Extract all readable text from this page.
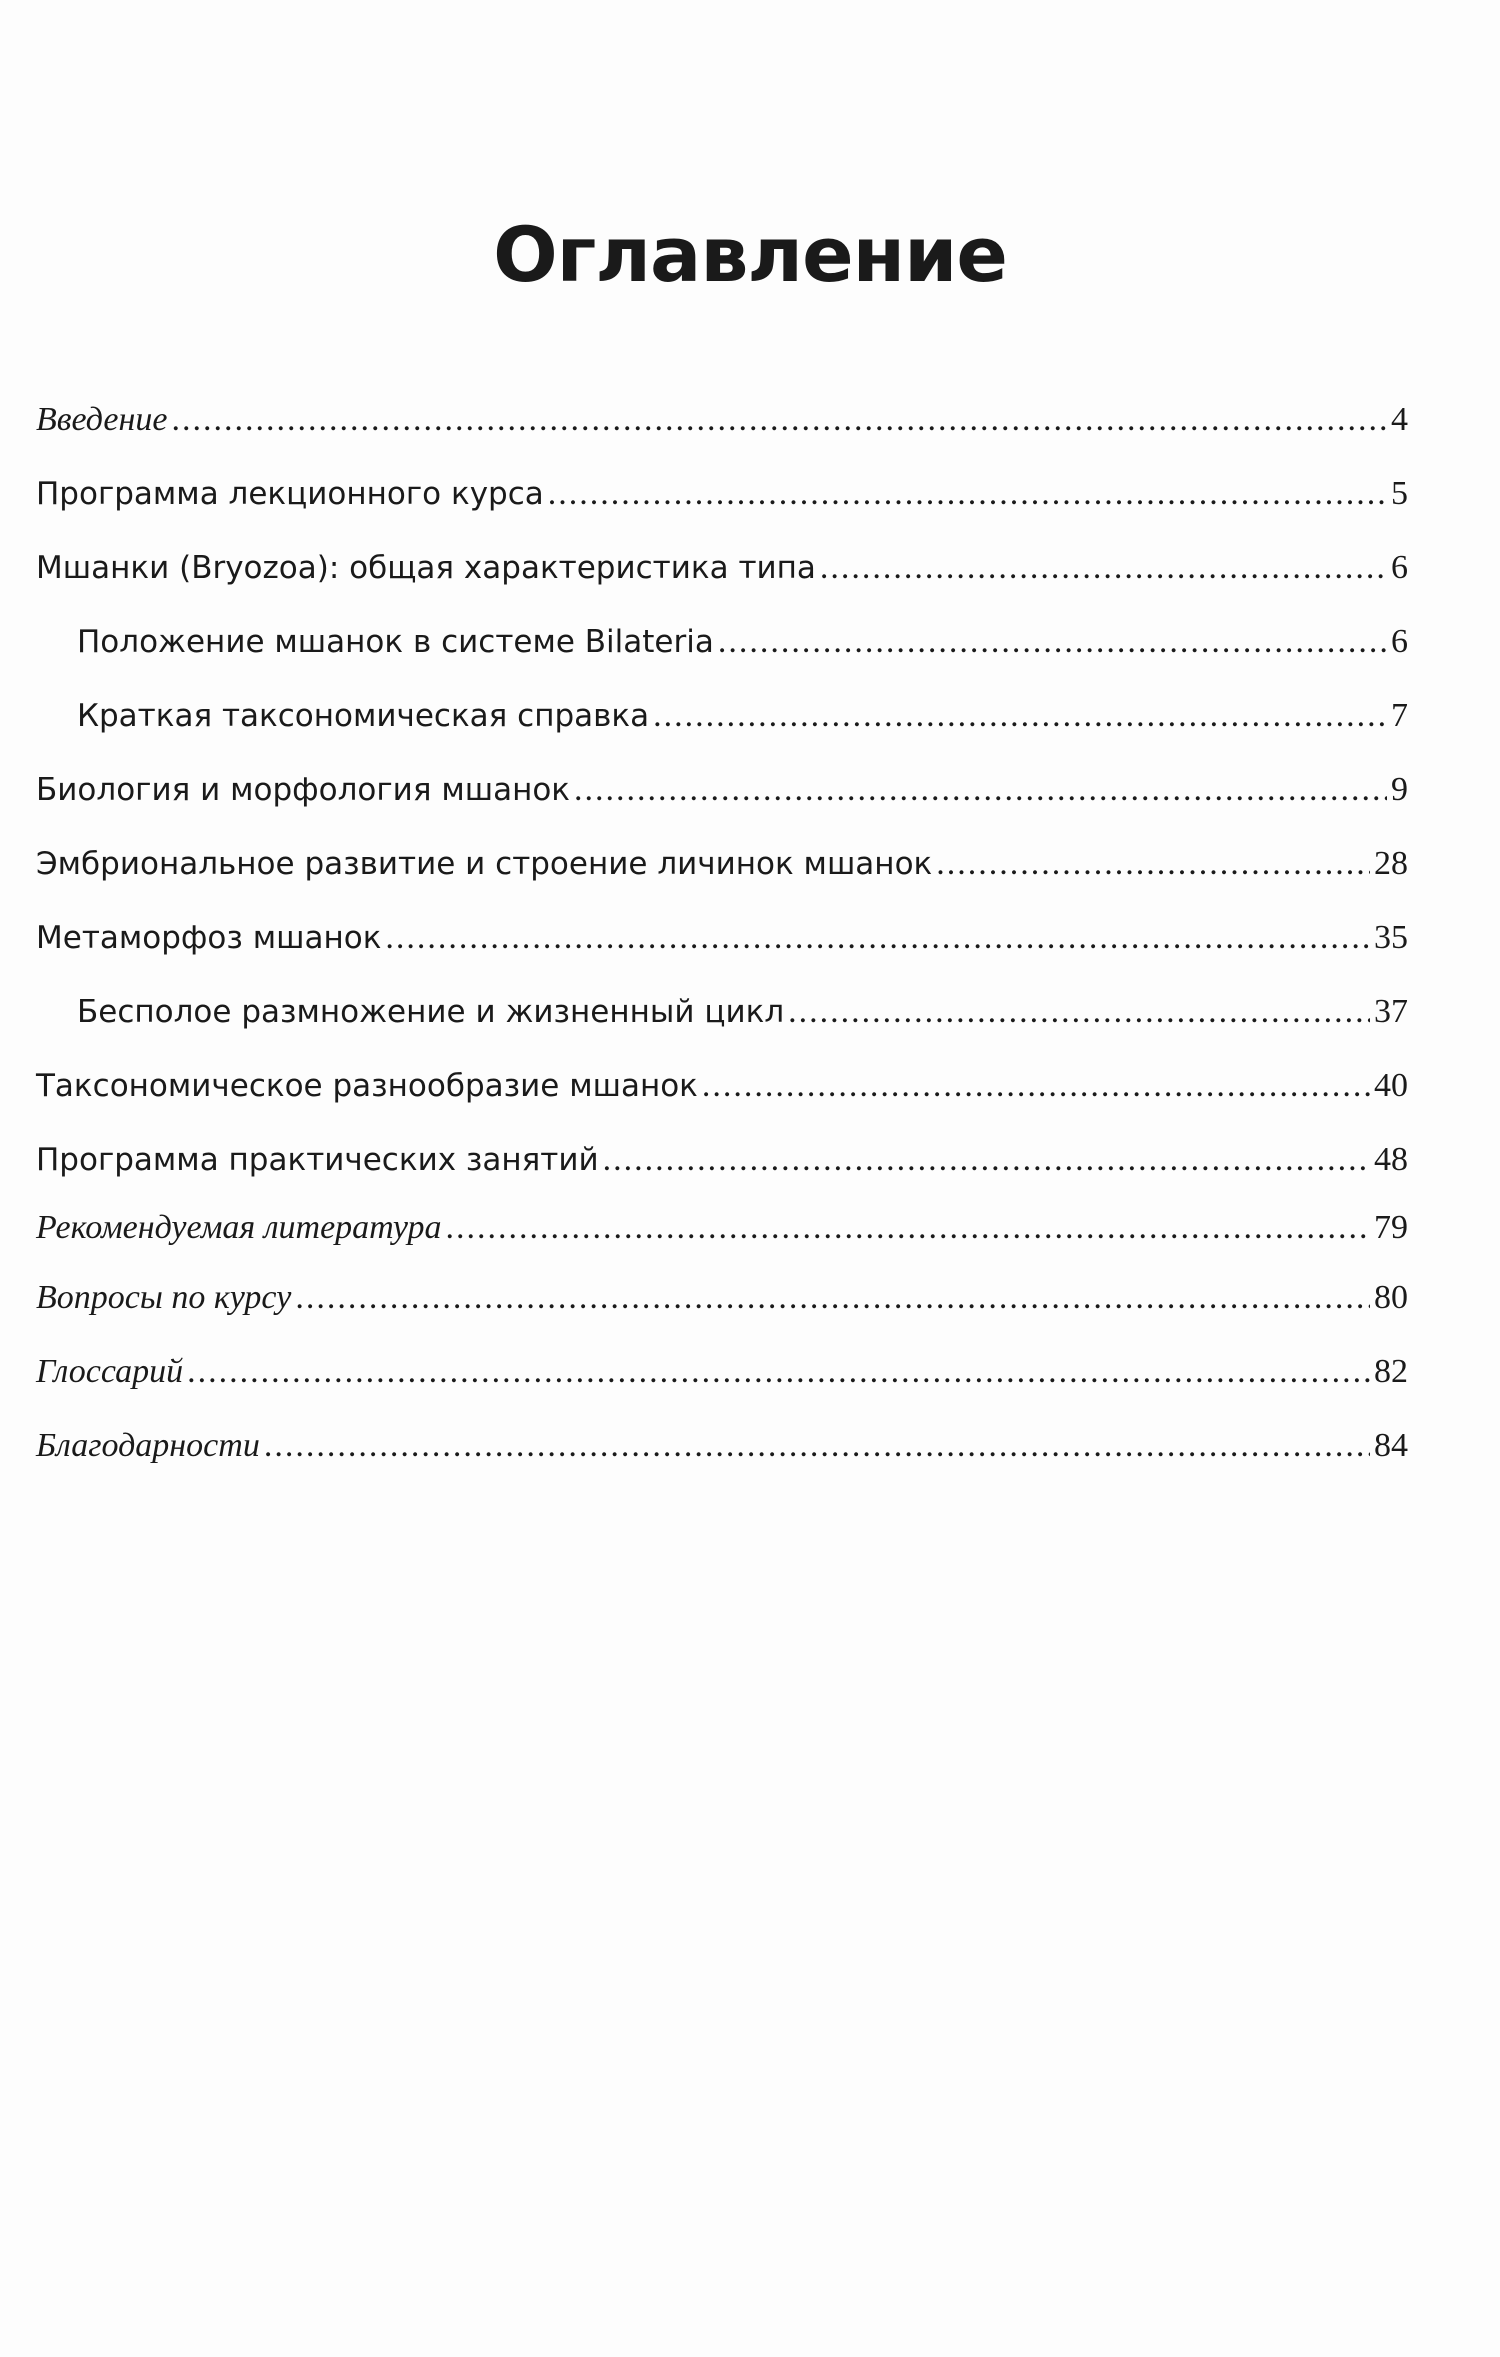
Оглавление
Введение .....	4
Программа лекционного курса .....	5
Мшанки (Bryozoa): общая характеристика типа .....	6
Положение мшанок в системе Bilateria .....	6
Краткая таксономическая справка .....	7
Биология и морфология мшанок .....	9
Эмбриональное развитие и строение личинок мшанок .....	28
Метаморфоз мшанок .....	35
Бесполое размножение и жизненный цикл .....	37
Таксономическое разнообразие мшанок .....	40
Программа практических занятий .....	48
Рекомендуемая литература .....	79
Вопросы по курсу .....	80
Глоссарий .....	82
Благодарности .....	84
